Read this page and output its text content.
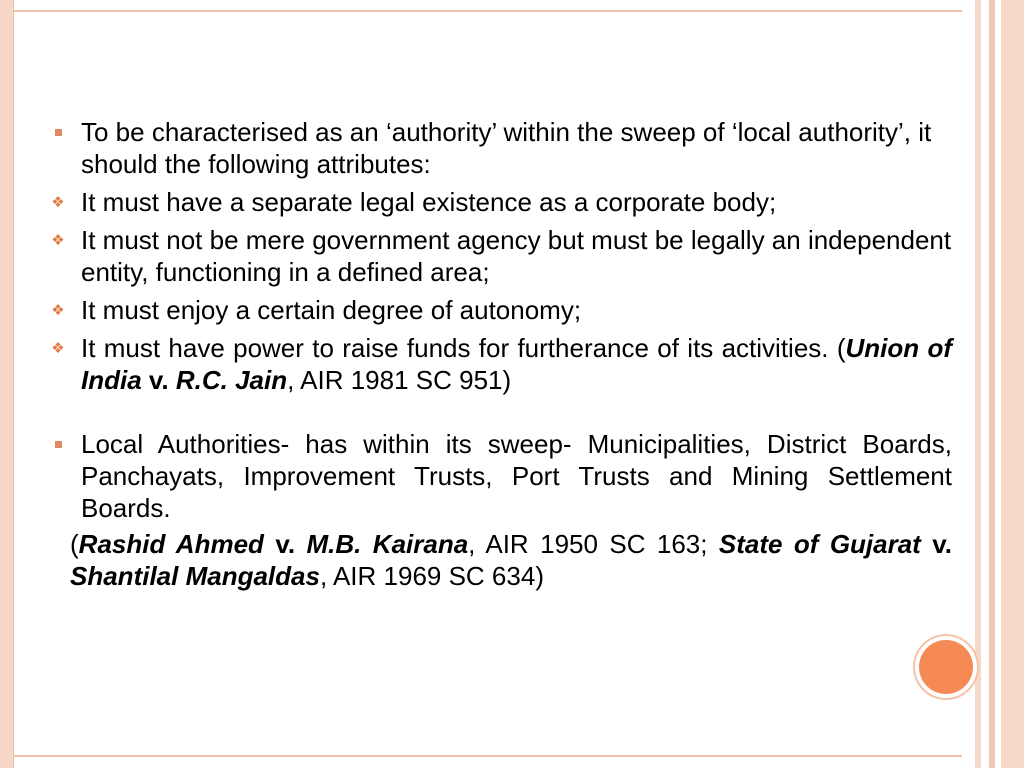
To be characterised as an ‘authority’ within the sweep of ‘local authority’, it should the following attributes:
❖ It must have a separate legal existence as a corporate body;
❖ It must not be mere government agency but must be legally an independent entity, functioning in a defined area;
❖ It must enjoy a certain degree of autonomy;
❖ It must have power to raise funds for furtherance of its activities. (Union of India v. R.C. Jain, AIR 1981 SC 951)
Local Authorities- has within its sweep- Municipalities, District Boards, Panchayats, Improvement Trusts, Port Trusts and Mining Settlement Boards.
(Rashid Ahmed v. M.B. Kairana, AIR 1950 SC 163; State of Gujarat v. Shantilal Mangaldas, AIR 1969 SC 634)
